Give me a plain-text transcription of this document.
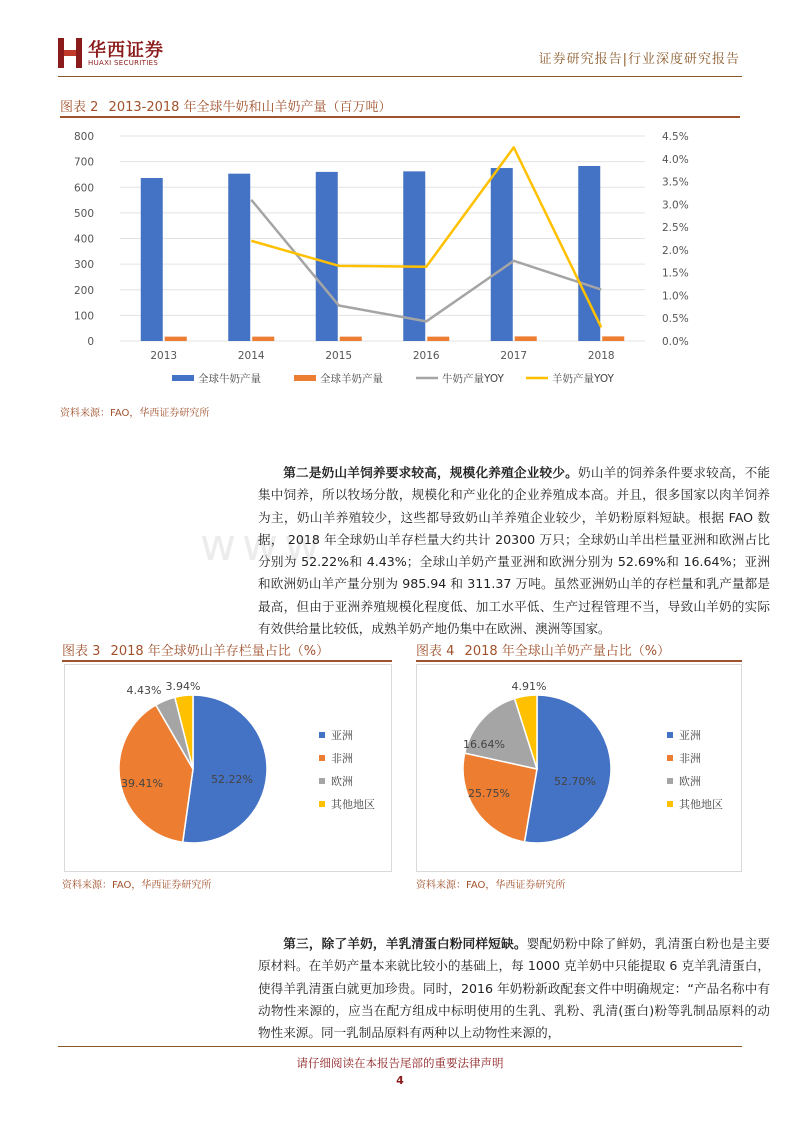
华西证券
HUAXI SECURITIES	证券研究报告|行业深度研究报告
www
图表 2 2013-2018 年全球牛奶和山羊奶产量（百万吨）
0
100
200
300
400
500
600
700
800
0.0%
0.5%
1.0%
1.5%
2.0%
2.5%
3.0%
3.5%
4.0%
4.5%
2013	2014	2015	2016	2017	2018
全球牛奶产量	全球羊奶产量	牛奶产量YOY	羊奶产量YOY
资料来源：FAO，华西证券研究所
第二是奶山羊饲养要求较高，规模化养殖企业较少。奶山羊的饲养条件要求较高，不能集中饲养，所以牧场分散，规模化和产业化的企业养殖成本高。并且，很多国家以肉羊饲养为主，奶山羊养殖较少，这些都导致奶山羊养殖企业较少，羊奶粉原料短缺。根据 FAO 数据， 2018 年全球奶山羊存栏量大约共计 20300 万只；全球奶山羊出栏量亚洲和欧洲占比分别为 52.22%和 4.43%；全球山羊奶产量亚洲和欧洲分别为 52.69%和 16.64%；亚洲和欧洲奶山羊产量分别为 985.94 和 311.37 万吨。虽然亚洲奶山羊的存栏量和乳产量都是最高，但由于亚洲养殖规模化程度低、加工水平低、生产过程管理不当，导致山羊奶的实际有效供给量比较低，成熟羊奶产地仍集中在欧洲、澳洲等国家。
图表 3 2018 年全球奶山羊存栏量占比（%）
52.22%
39.41%
4.43% 3.94%
亚洲
非洲
欧洲
其他地区
资料来源：FAO，华西证券研究所
图表 4 2018 年全球山羊奶产量占比（%）
52.70%
25.75%
16.64%
4.91%
亚洲
非洲
欧洲
其他地区
资料来源：FAO，华西证券研究所
第三，除了羊奶，羊乳清蛋白粉同样短缺。婴配奶粉中除了鲜奶，乳清蛋白粉也是主要原材料。在羊奶产量本来就比较小的基础上，每 1000 克羊奶中只能提取 6 克羊乳清蛋白，使得羊乳清蛋白就更加珍贵。同时，2016 年奶粉新政配套文件中明确规定：“产品名称中有动物性来源的，应当在配方组成中标明使用的生乳、乳粉、乳清(蛋白)粉等乳制品原料的动物性来源。同一乳制品原料有两种以上动物性来源的，
请仔细阅读在本报告尾部的重要法律声明
4
